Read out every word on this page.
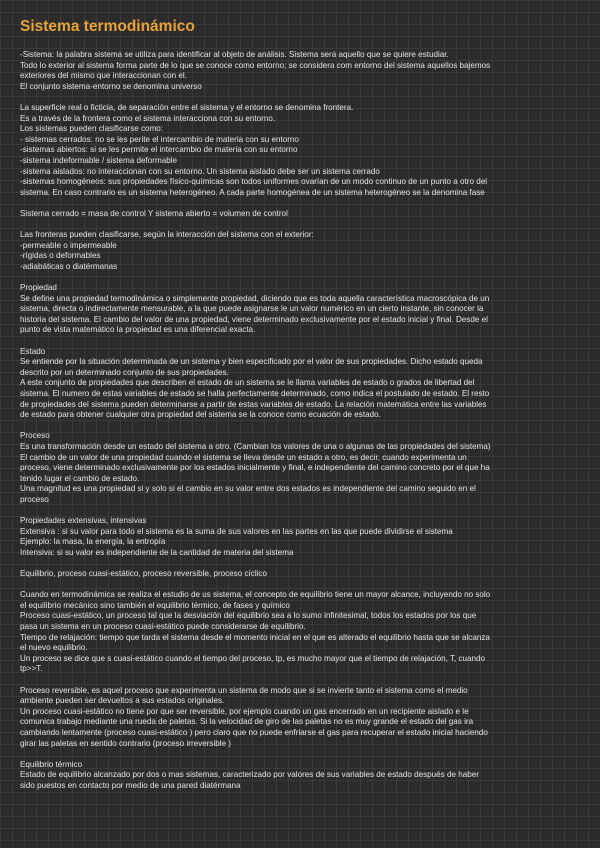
Sistema termodinámico
-Sistema: la palabra sistema se utiliza para identificar al objeto de análisis. Sistema será aquello que se quiere estudiar.
Todo lo exterior al sistema forma parte de lo que se conoce como entorno; se considera com entorno del sistema aquellos bajemos
exteriores del mismo que interaccionan con el.
El conjunto sistema-entorno se denomina universo
La superficie real o ficticia, de separación entre el sistema y el entorno se denomina frontera.
Es a través de la frontera como el sistema interacciona con su entorno.
Los sistemas pueden clasificarse como:
- sistemas cerrados: no se les perite el intercambio de materia con su entorno
-sistemas abiertos: si se les permite el intercambio de materia con su entorno
-sistema indeformable / sistema deformable
-sistema aislados: no interaccionan con su entorno. Un sistema aislado debe ser un sistema cerrado
-sistemas homogéneos: sus propiedades físico-químicas son todos uniformes ovarían de un modo continuo de un punto a otro del
sistema. En caso contrario es un sistema heterogéneo. A cada parte homogénea de un sistema heterogéneo se la denomina fase
Sistema cerrado = masa de control Y sistema abierto = volumen de control
Las fronteras pueden clasificarse, según la interacción del sistema con el exterior:
-permeable o impermeable
-rígidas o deformables
-adiabáticas o diatérmanas
Propiedad
Se define una propiedad termodinámica o simplemente propiedad, diciendo que es toda aquella característica macroscópica de un
sistema, directa o indirectamente mensurable, a la que puede asignarse le un valor numérico en un cierto instante, sin conocer la
historia del sistema. El cambio del valor de una propiedad, viene determinado exclusivamente por el estado inicial y final. Desde el
punto de vista matemático la propiedad es una diferencial exacta.
Estado
Se entiende por la situación determinada de un sistema y bien especificado por el valor de sus propiedades. Dicho estado queda
descrito por un determinado conjunto de sus propiedades.
A este conjunto de propiedades que describen el estado de un sistema se le llama variables de estado o grados de libertad del
sistema. El numero de estas variables de estado se halla perfectamente determinado, como indica el postulado de estado. El resto
de propiedades del sistema pueden determinarse a partir de estas variables de estado. La relación matemática entre las variables
de estado para obtener cualquier otra propiedad del sistema se la conoce como ecuación de estado.
Proceso
Es una transformación desde un estado del sistema a otro. (Cambian los valores de una o algunas de las propiedades del sistema)
El cambio de un valor de una propiedad cuando el sistema se lleva desde un estado a otro, es decir, cuando experimenta un
proceso, viene determinado exclusivamente por los estados inicialmente y final, e independiente del camino concreto por el que ha
tenido lugar el cambio de estado.
Una magnitud es una propiedad si y solo si el cambio en su valor entre dos estados es independiente del camino seguido en el
proceso
Propiedades extensivas, intensivas
Extensiva : si su valor para todo el sistema es la suma de sus valores en las partes en las que puede dividirse el sistema
Ejemplo: la masa, la energía, la entropía
Intensiva: si su valor es independiente de la cantidad de materia del sistema
Equilibrio, proceso cuasi-estático, proceso reversible, proceso cíclico
Cuando en termodinámica se realiza el estudio de us sistema, el concepto de equilibrio tiene un mayor alcance, incluyendo no solo
el equilibrio mecánico sino también el equilibrio térmico, de fases y químico
Proceso cuasi-estático, un proceso tal que la desviación del equilibrio sea a lo sumo infinitesimal, todos los estados por los que
pasa un sistema en un proceso cuasi-estático puede considerarse de equilibrio.
Tiempo de relajación: tiempo que tarda el sistema desde el momento inicial en el que es alterado el equilibrio hasta que se alcanza
el nuevo equilibrio.
Un proceso se dice que s cuasi-estático cuando el tiempo del proceso, tp, es mucho mayor que el tiempo de relajación, T, cuando
tp>>T.
Proceso reversible, es aquel proceso que experimenta un sistema de modo que si se invierte tanto el sistema como el medio
ambiente pueden ser devueltos a sus estados originales.
Un proceso cuasi-estático no tiene por que ser reversible, por ejemplo cuando un gas encerrado en un recipiente aislado e le
comunica trabajo mediante una rueda de paletas. Si la velocidad de giro de las paletas no es muy grande el estado del gas ira
cambiando lentamente (proceso cuasi-estático ) pero claro que no puede enfriarse el gas para recuperar el estado inicial haciendo
girar las paletas en sentido contrario (proceso irreversible )
Equilibrio térmico
Estado de equilibrio alcanzado por dos o mas sistemas, caracterizado por valores de sus variables de estado después de haber
sido puestos en contacto por medio de una pared diatérmana
